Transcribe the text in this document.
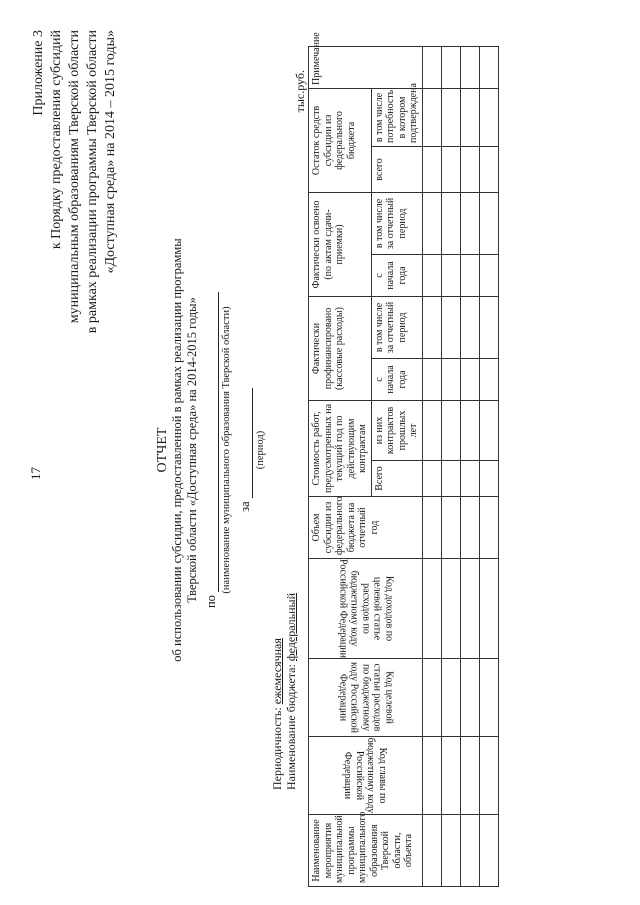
17
Приложение 3 к Порядку предоставления субсидий муниципальным образованиям Тверской области в рамках реализации программы Тверской области «Доступная среда» на 2014 – 2015 годы»
ОТЧЕТ об использовании субсидии, предоставленной в рамках реализации программы Тверской области «Доступная среда» на 2014-2015 годы» по
(наименование муниципального образования Тверской области) за
(период)
Периодичность: ежемесячная Наименование бюджета: федеральный
тыс.руб.
Наименование мероприятия муниципальной программы муниципального образования Тверской области, объекта	Код главы по бюджетному коду Российской Федерации	Код целевой статьи расходов по бюджетному коду Российской Федерации	Код доходов по целевой статье расходов по бюджетному коду Российской Федерации	Объем субсидии из федерального бюджета на отчетный год	Стоимость работ, предусмотренных на текущий год по действующим контрактам		Фактически профинансировано (кассовые расходы)		Фактически освоено (по актам сдачи-приемки)		Остаток средств субсидии из федерального бюджета		Примечание
					Всего	из них контрактов прошлых лет	с начала года	в том числе за отчетный период	с начала года	в том числе за отчетный период	всего	в том числе потребность в котором подтверждена	
